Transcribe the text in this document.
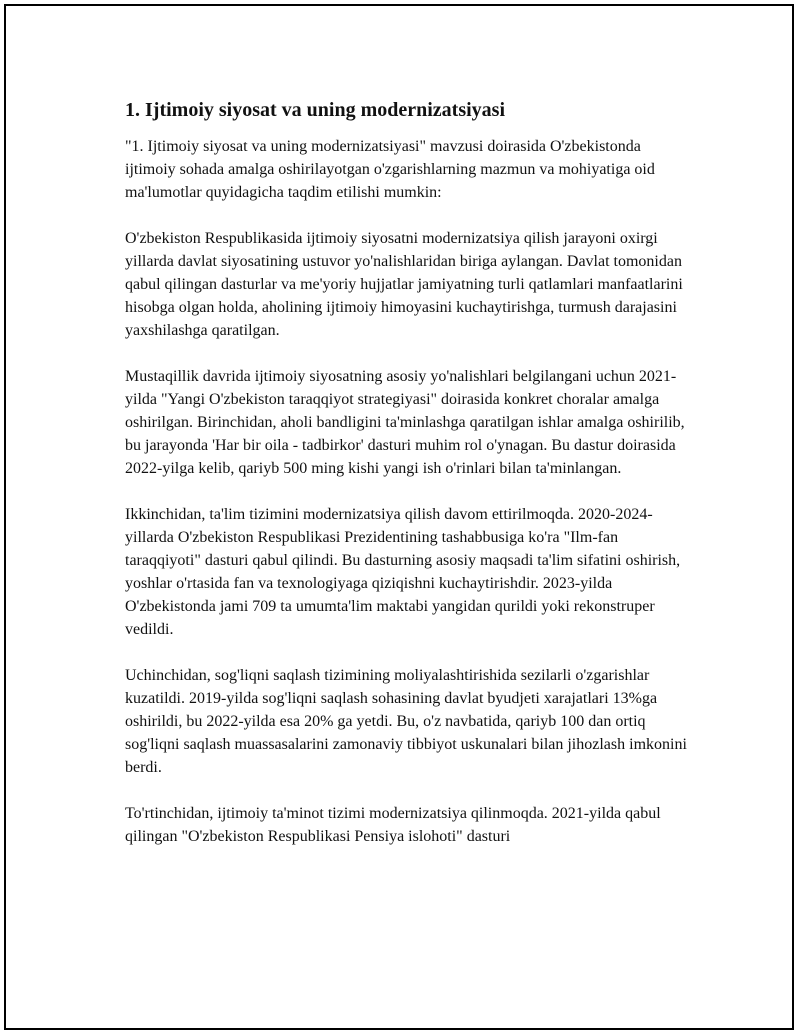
1. Ijtimoiy siyosat va uning modernizatsiyasi

"1. Ijtimoiy siyosat va uning modernizatsiyasi" mavzusi doirasida O'zbekistonda ijtimoiy sohada amalga oshirilayotgan o'zgarishlarning mazmun va mohiyatiga oid ma'lumotlar quyidagicha taqdim etilishi mumkin:

O'zbekiston Respublikasida ijtimoiy siyosatni modernizatsiya qilish jarayoni oxirgi yillarda davlat siyosatining ustuvor yo'nalishlaridan biriga aylangan. Davlat tomonidan qabul qilingan dasturlar va me'yoriy hujjatlar jamiyatning turli qatlamlari manfaatlarini hisobga olgan holda, aholining ijtimoiy himoyasini kuchaytirishga, turmush darajasini yaxshilashga qaratilgan.

Mustaqillik davrida ijtimoiy siyosatning asosiy yo'nalishlari belgilangani uchun 2021-yilda "Yangi O'zbekiston taraqqiyot strategiyasi" doirasida konkret choralar amalga oshirilgan. Birinchidan, aholi bandligini ta'minlashga qaratilgan ishlar amalga oshirilib, bu jarayonda 'Har bir oila - tadbirkor' dasturi muhim rol o'ynagan. Bu dastur doirasida 2022-yilga kelib, qariyb 500 ming kishi yangi ish o'rinlari bilan ta'minlangan.

Ikkinchidan, ta'lim tizimini modernizatsiya qilish davom ettirilmoqda. 2020-2024-yillarda O'zbekiston Respublikasi Prezidentining tashabbusiga ko'ra "Ilm-fan taraqqiyoti" dasturi qabul qilindi. Bu dasturning asosiy maqsadi ta'lim sifatini oshirish, yoshlar o'rtasida fan va texnologiyaga qiziqishni kuchaytirishdir. 2023-yilda O'zbekistonda jami 709 ta umumta'lim maktabi yangidan qurildi yoki rekonstruper vedildi.

Uchinchidan, sog'liqni saqlash tizimining moliyalashtirishida sezilarli o'zgarishlar kuzatildi. 2019-yilda sog'liqni saqlash sohasining davlat byudjeti xarajatlari 13%ga oshirildi, bu 2022-yilda esa 20% ga yetdi. Bu, o'z navbatida, qariyb 100 dan ortiq sog'liqni saqlash muassasalarini zamonaviy tibbiyot uskunalari bilan jihozlash imkonini berdi.

To'rtinchidan, ijtimoiy ta'minot tizimi modernizatsiya qilinmoqda. 2021-yilda qabul qilingan "O'zbekiston Respublikasi Pensiya islohoti" dasturi
